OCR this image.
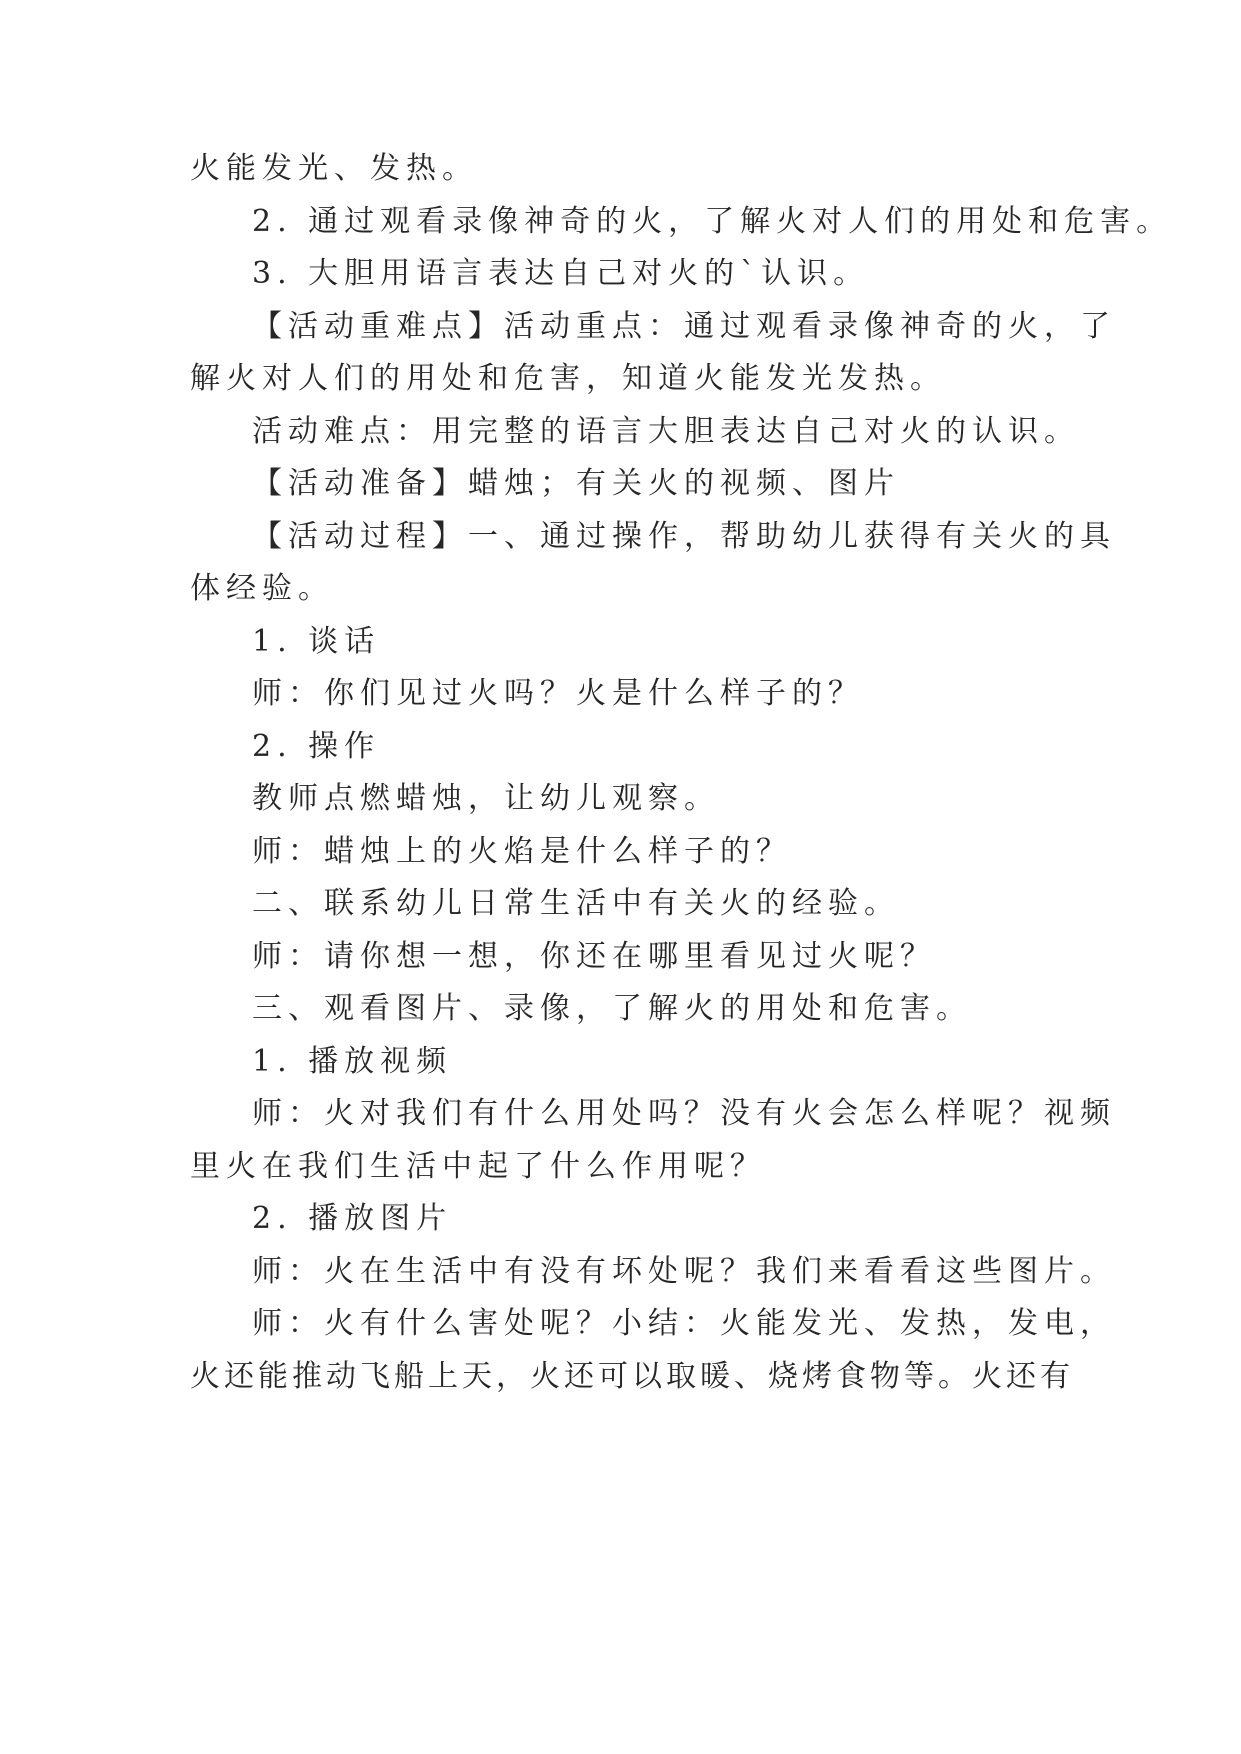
火能发光、发热。
2. 通过观看录像神奇的火，了解火对人们的用处和危害。
3. 大胆用语言表达自己对火的`认识。
【活动重难点】活动重点：通过观看录像神奇的火，了
解火对人们的用处和危害，知道火能发光发热。
活动难点：用完整的语言大胆表达自己对火的认识。
【活动准备】蜡烛；有关火的视频、图片
【活动过程】一、通过操作，帮助幼儿获得有关火的具
体经验。
1. 谈话
师：你们见过火吗？火是什么样子的？
2. 操作
教师点燃蜡烛，让幼儿观察。
师：蜡烛上的火焰是什么样子的？
二、联系幼儿日常生活中有关火的经验。
师：请你想一想，你还在哪里看见过火呢？
三、观看图片、录像，了解火的用处和危害。
1. 播放视频
师：火对我们有什么用处吗？没有火会怎么样呢？视频
里火在我们生活中起了什么作用呢？
2. 播放图片
师：火在生活中有没有坏处呢？我们来看看这些图片。
师：火有什么害处呢？小结：火能发光、发热，发电，
火还能推动飞船上天，火还可以取暖、烧烤食物等。火还有
